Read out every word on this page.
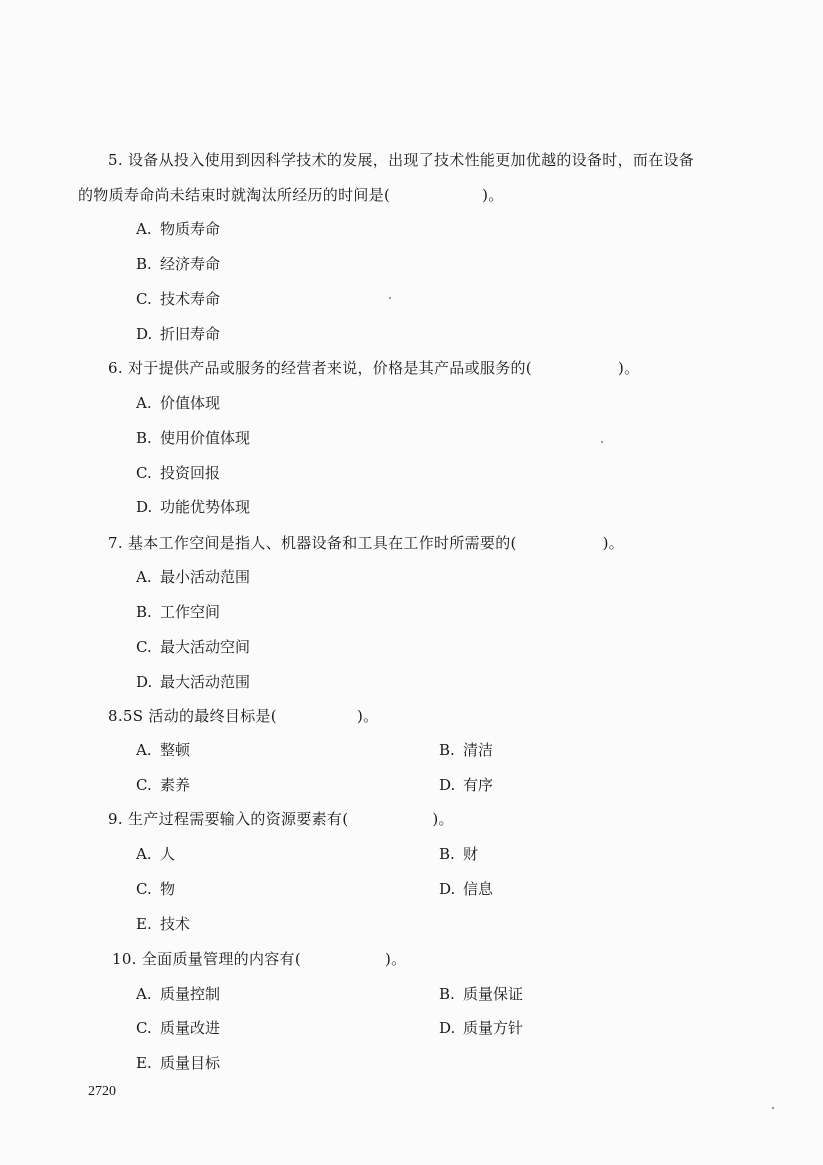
5. 设备从投入使用到因科学技术的发展，出现了技术性能更加优越的设备时，而在设备
的物质寿命尚未结束时就淘汰所经历的时间是(	)。
A. 物质寿命
B. 经济寿命
C. 技术寿命
D. 折旧寿命
6. 对于提供产品或服务的经营者来说，价格是其产品或服务的(	)。
A. 价值体现
B. 使用价值体现
C. 投资回报
D. 功能优势体现
7. 基本工作空间是指人、机器设备和工具在工作时所需要的(	)。
A. 最小活动范围
B. 工作空间
C. 最大活动空间
D. 最大活动范围
8.5S 活动的最终目标是(	)。
A. 整顿	B. 清洁
C. 素养	D. 有序
9. 生产过程需要输入的资源要素有(	)。
A. 人	B. 财
C. 物	D. 信息
E. 技术
10. 全面质量管理的内容有(	)。
A. 质量控制	B. 质量保证
C. 质量改进	D. 质量方针
E. 质量目标
2720
